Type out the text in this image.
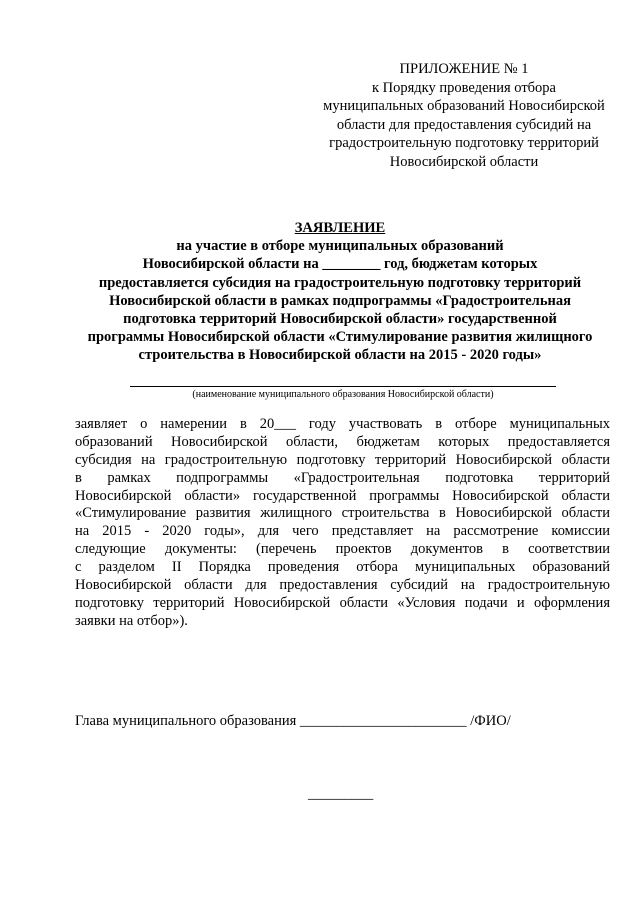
ПРИЛОЖЕНИЕ № 1
к Порядку проведения отбора
муниципальных образований Новосибирской
области для предоставления субсидий на
градостроительную подготовку территорий
Новосибирской области
ЗАЯВЛЕНИЕ
на участие в отборе муниципальных образований
Новосибирской области на ________ год, бюджетам которых
предоставляется субсидия на градостроительную подготовку территорий
Новосибирской области в рамках подпрограммы «Градостроительная
подготовка территорий Новосибирской области» государственной
программы Новосибирской области «Стимулирование развития жилищного
строительства в Новосибирской области на 2015 - 2020 годы»
(наименование муниципального образования Новосибирской области)
заявляет о намерении в 20___ году участвовать в отборе муниципальных
образований Новосибирской области, бюджетам которых предоставляется
субсидия на градостроительную подготовку территорий Новосибирской области
в рамках подпрограммы «Градостроительная подготовка территорий
Новосибирской области» государственной программы Новосибирской области
«Стимулирование развития жилищного строительства в Новосибирской области
на 2015 - 2020 годы», для чего представляет на рассмотрение комиссии
следующие документы: (перечень проектов документов в соответствии
с разделом II Порядка проведения отбора муниципальных образований
Новосибирской области для предоставления субсидий на градостроительную
подготовку территорий Новосибирской области «Условия подачи и оформления
заявки на отбор»).
Глава муниципального образования _______________________ /ФИО/
_________
